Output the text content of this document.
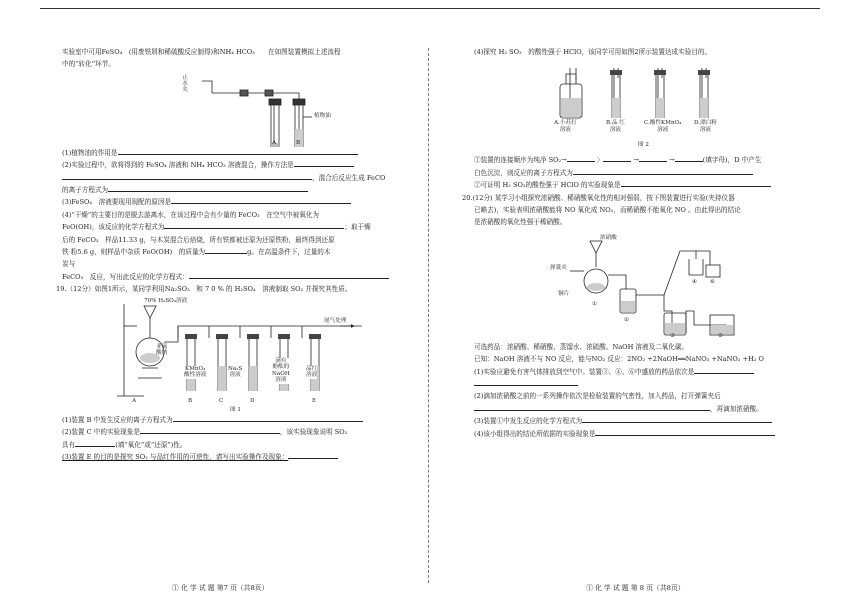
实验室中可用FeSO₄　(用废铁屑和稀硫酸反应制得)和NH₄ HCO₃　　在如图装置模拟上述流程

中的“转化”环节。

止水夹
植物油
A	B

(1)植物油的作用是

(2)实验过程中，欲将得到的 FeSO₄ 溶液和 NH₄ HCO₃ 溶液混合，操作方法是

，混合后反应生成 FeCO

的离子方程式为

(3)FeSO₄　溶液要现用现配的原因是

(4)“干燥”的主要目的是脱去游离水，在该过程中会有少量的 FeCO₃　在空气中被氧化为

FeO(OH)，该反应的化学方程式为	；取干燥

后的 FeCO₃　样品11.33 g，与木炭混合后焙烧，所有铁都被还原为还原铁粉，最终得到还原

铁 粉5.6 g，则样品中杂质 FeO(OH)　的质量为	g。在高温条件下，过量的木

炭与

FeCO₃　反应，写出此反应的化学方程式：

19.（12分）如图1所示，某同学利用Na₂SO₃　和 7 0 % 的 H₂SO₄　溶液制取 SO₂ 并探究其性质。

70% H₂SO₄溶液
尾气处理
亚硫
酸钠
KMnO₄
酸性溶液
Na₂S
溶液
滴有
酚酞的
NaOH
溶液
品红
溶液
A	B	C	D	E
图 1

(1)装置 B 中发生反应的离子方程式为

(2)装置 C 中的实验现象是	，该实验现象说明 SO₂

具有	(填“氧化”或“还原”)性。

(3)装置 E 的目的是探究 SO₂ 与品红作用的可逆性，请写出实验操作及现象：

① 化 学 试 题 第7 页（共8页）

(4)探究 H₂ SO₃　的酸性强于 HClO，该同学可用如图2所示装置达成实验目的。

A.小苏打
溶液
B.品 红
溶液
C.酸性KMnO₄
溶液
D.漂白粉
溶液
图 2

①装置的连接顺序为纯净 SO₂→	〉	→	→	(填字母)，D 中产生

白色沉淀，则反应的离子方程式为

②可证明 H₂ SO₃的酸性强于 HClO 的实验现象是

20.(12分) 某学习小组探究浓硝酸、稀硝酸氧化性的相对强弱，按下图装置进行实验(夹持仪器

已略去)，实验表明浓硝酸能将 NO 氧化成 NO₂，而稀硝酸不能氧化 NO 。由此得出的结论

是浓硝酸的氧化性强于稀硝酸。

浓硝酸
弹簧夹
铜片
①
②
③
④
⑤
⑥

可选药品：浓硝酸、稀硝酸、蒸馏水、浓硫酸、NaOH 溶液及二氧化碳。

已知：NaOH 溶液不与 NO 反应，能与NO₂ 反应：2NO₂ +2NaOH══NaNO₃ +NaNO₂ +H₂ O

(1)实验应避免有害气体排放到空气中。装置③、④、⑥中盛放的药品依次是

(2)滴加浓硝酸之前的一系列操作依次是检验装置的气密性，加入药品，打开弹簧夹后

，再滴加浓硝酸。

(3)装置①中发生反应的化学方程式为

(4)该小组得出的结论所依据的实验现象是

① 化 学 试 题 第 8 页（共8页）
